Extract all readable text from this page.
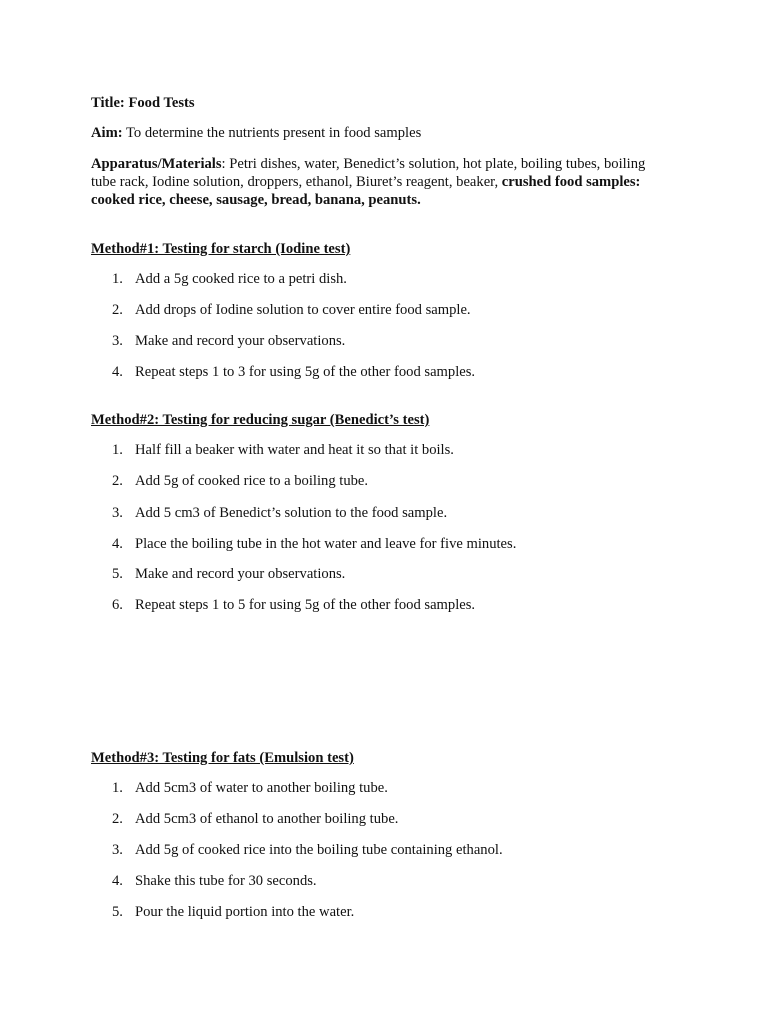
Title: Food Tests
Aim: To determine the nutrients present in food samples
Apparatus/Materials: Petri dishes, water, Benedict’s solution, hot plate, boiling tubes, boiling
tube rack, Iodine solution, droppers, ethanol, Biuret’s reagent, beaker, crushed food samples:
cooked rice, cheese, sausage, bread, banana, peanuts.
Method#1: Testing for starch (Iodine test)
1. Add a 5g cooked rice to a petri dish.
2. Add drops of Iodine solution to cover entire food sample.
3. Make and record your observations.
4. Repeat steps 1 to 3 for using 5g of the other food samples.
Method#2: Testing for reducing sugar (Benedict’s test)
1. Half fill a beaker with water and heat it so that it boils.
2. Add 5g of cooked rice to a boiling tube.
3. Add 5 cm3 of Benedict’s solution to the food sample.
4. Place the boiling tube in the hot water and leave for five minutes.
5. Make and record your observations.
6. Repeat steps 1 to 5 for using 5g of the other food samples.
Method#3: Testing for fats (Emulsion test)
1. Add 5cm3 of water to another boiling tube.
2. Add 5cm3 of ethanol to another boiling tube.
3. Add 5g of cooked rice into the boiling tube containing ethanol.
4. Shake this tube for 30 seconds.
5. Pour the liquid portion into the water.
